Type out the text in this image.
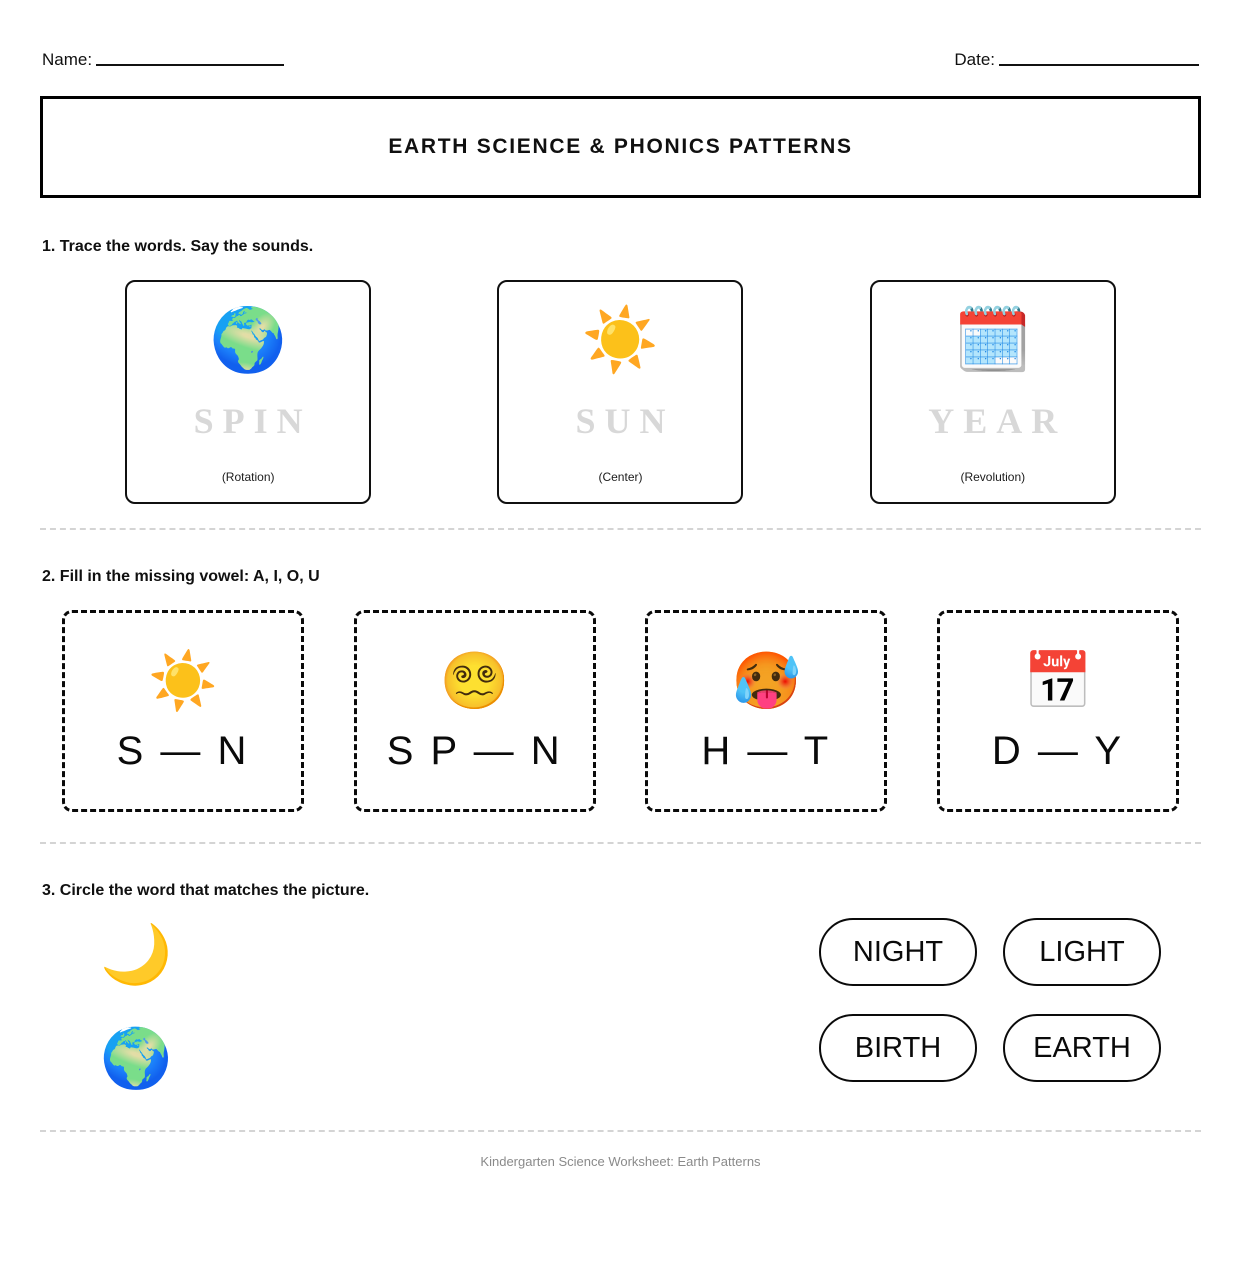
Name:	Date:
EARTH SCIENCE & PHONICS PATTERNS
1. Trace the words. Say the sounds.
🌍
SPIN
(Rotation)
☀️
SUN
(Center)
🗓️
YEAR
(Revolution)
2. Fill in the missing vowel: A, I, O, U
☀️
S — N
😵‍💫
S P — N
🥵
H — T
📅
D — Y
3. Circle the word that matches the picture.
🌙
🌍
NIGHT	LIGHT
BIRTH	EARTH
Kindergarten Science Worksheet: Earth Patterns
